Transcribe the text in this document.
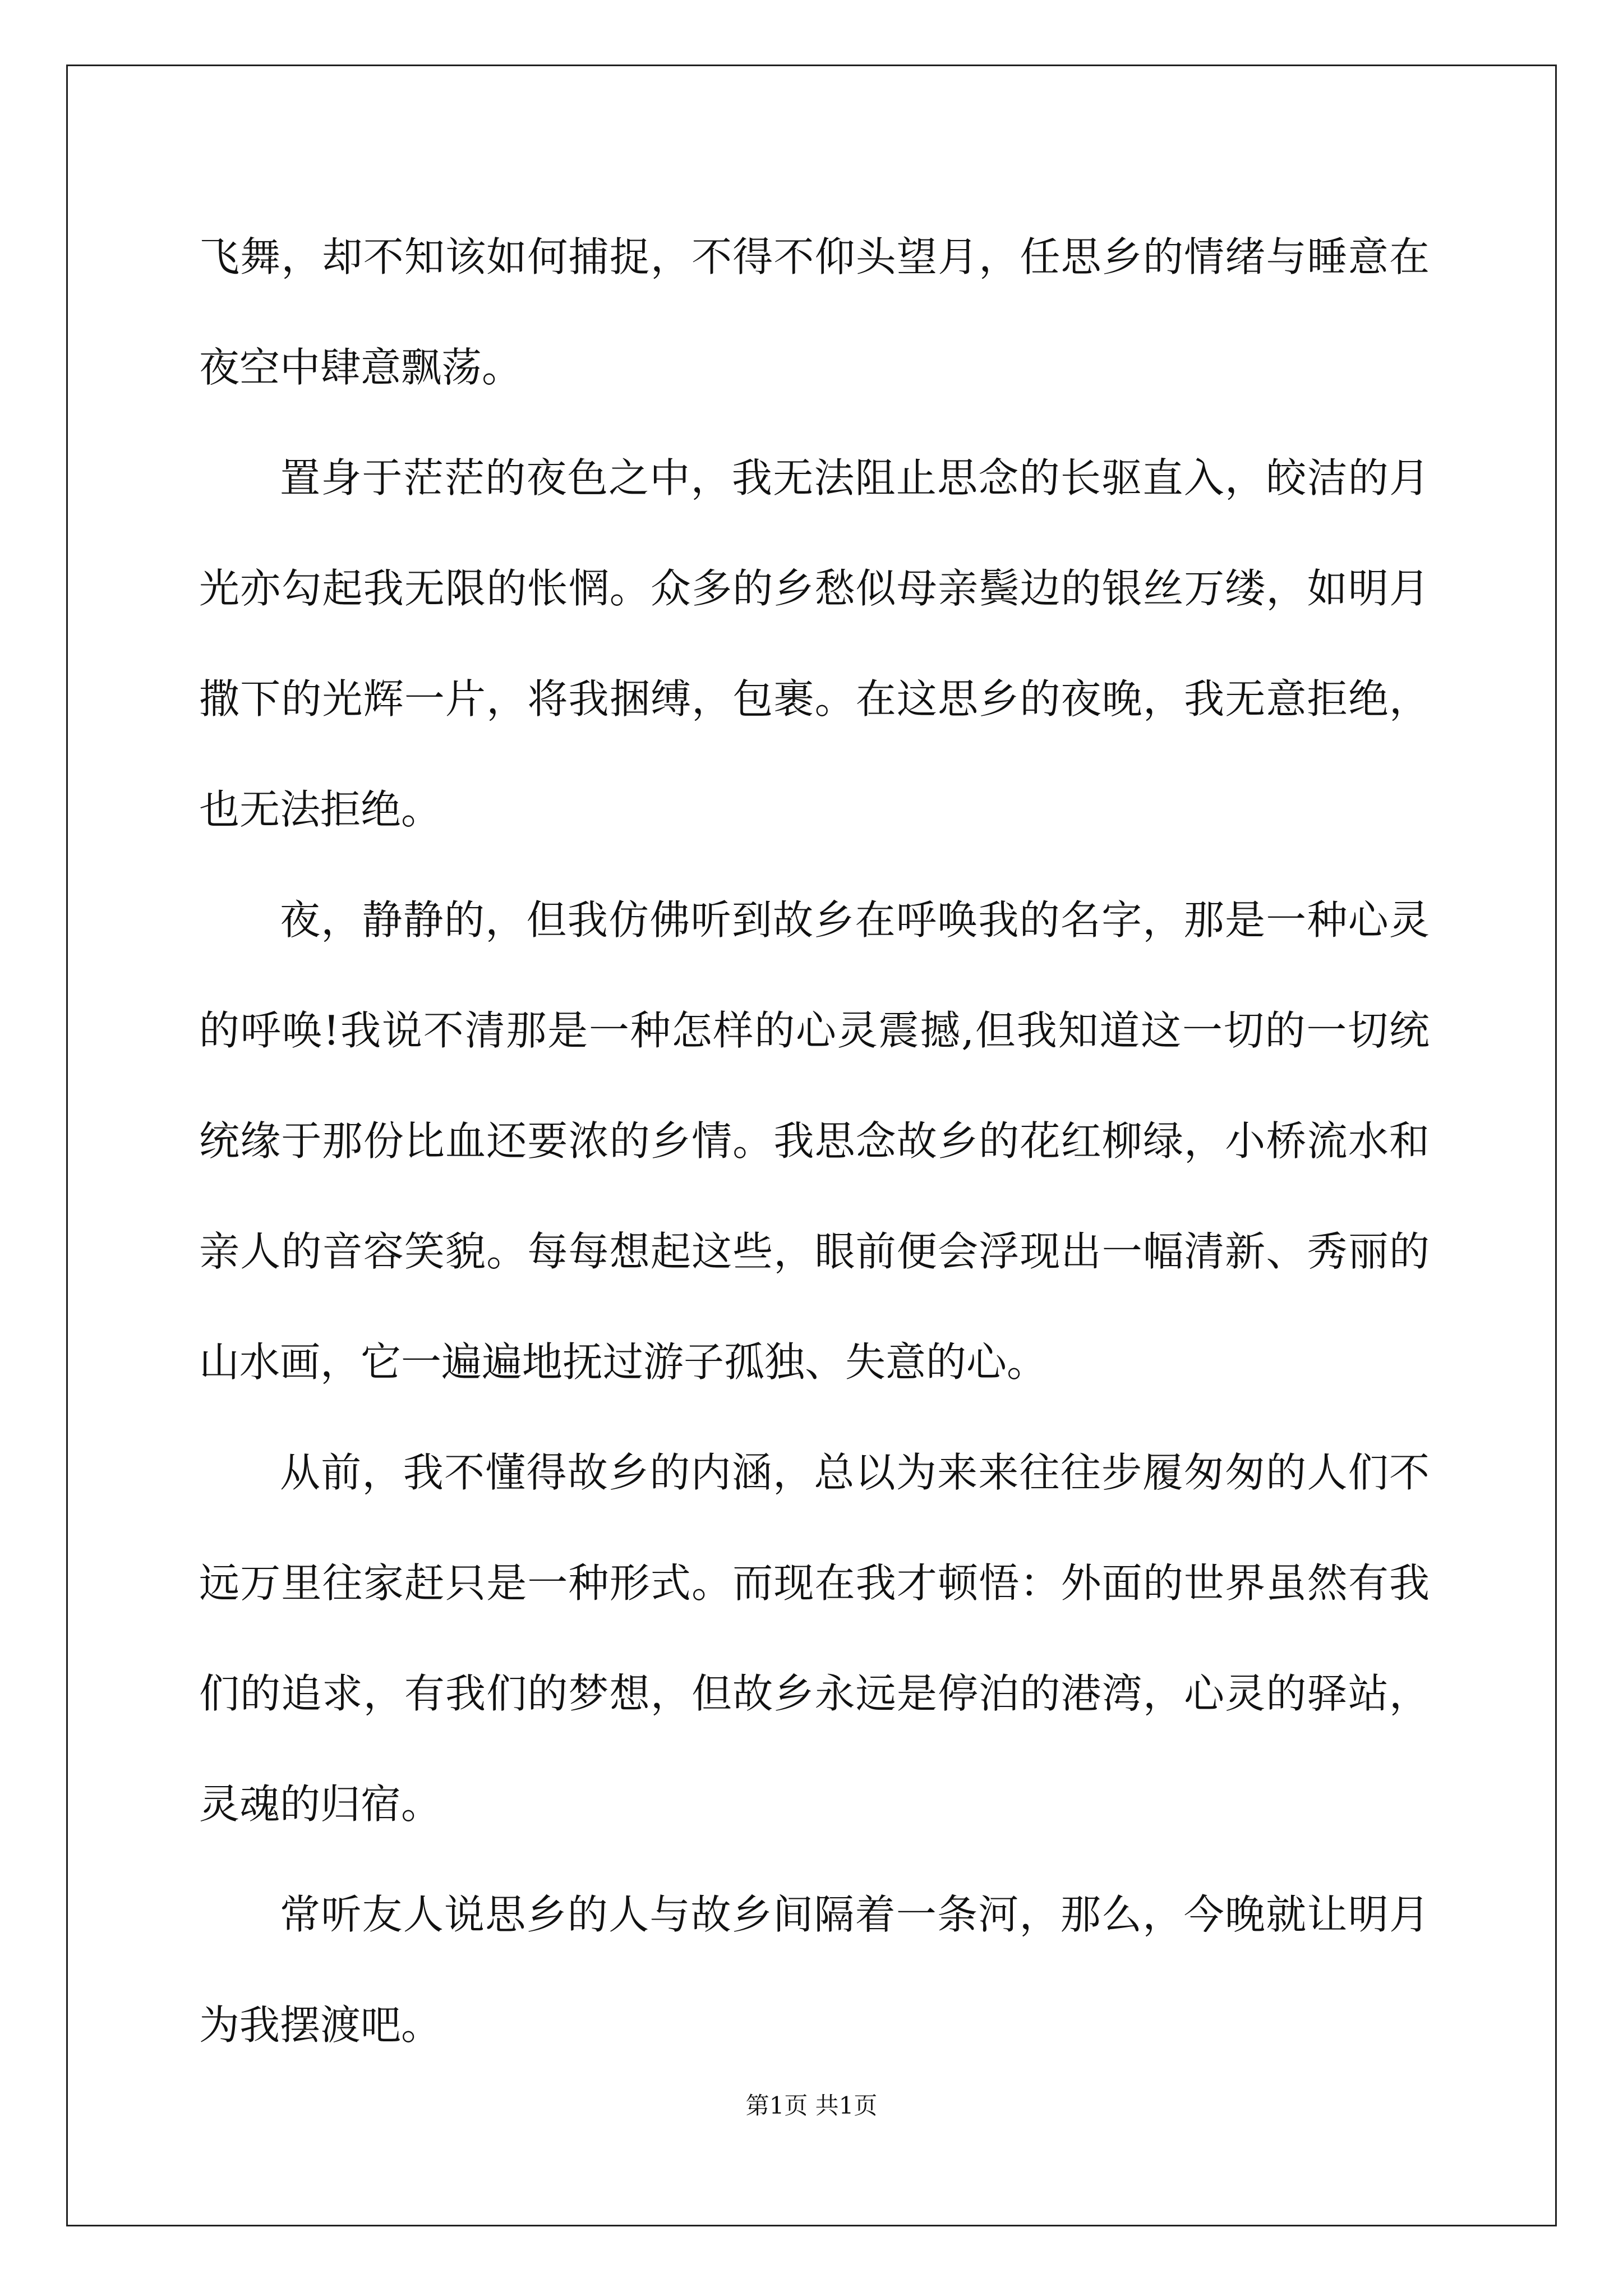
飞舞，却不知该如何捕捉，不得不仰头望月，任思乡的情绪与睡意在夜空中肆意飘荡。

置身于茫茫的夜色之中，我无法阻止思念的长驱直入，皎洁的月光亦勾起我无限的怅惘。众多的乡愁似母亲鬓边的银丝万缕，如明月撒下的光辉一片，将我捆缚，包裹。在这思乡的夜晚，我无意拒绝，也无法拒绝。

夜，静静的，但我仿佛听到故乡在呼唤我的名字，那是一种心灵的呼唤!我说不清那是一种怎样的心灵震撼,但我知道这一切的一切统统缘于那份比血还要浓的乡情。我思念故乡的花红柳绿，小桥流水和亲人的音容笑貌。每每想起这些，眼前便会浮现出一幅清新、秀丽的山水画，它一遍遍地抚过游子孤独、失意的心。

从前，我不懂得故乡的内涵，总以为来来往往步履匆匆的人们不远万里往家赶只是一种形式。而现在我才顿悟：外面的世界虽然有我们的追求，有我们的梦想，但故乡永远是停泊的港湾，心灵的驿站，灵魂的归宿。

常听友人说思乡的人与故乡间隔着一条河，那么，今晚就让明月为我摆渡吧。

第1页 共1页
